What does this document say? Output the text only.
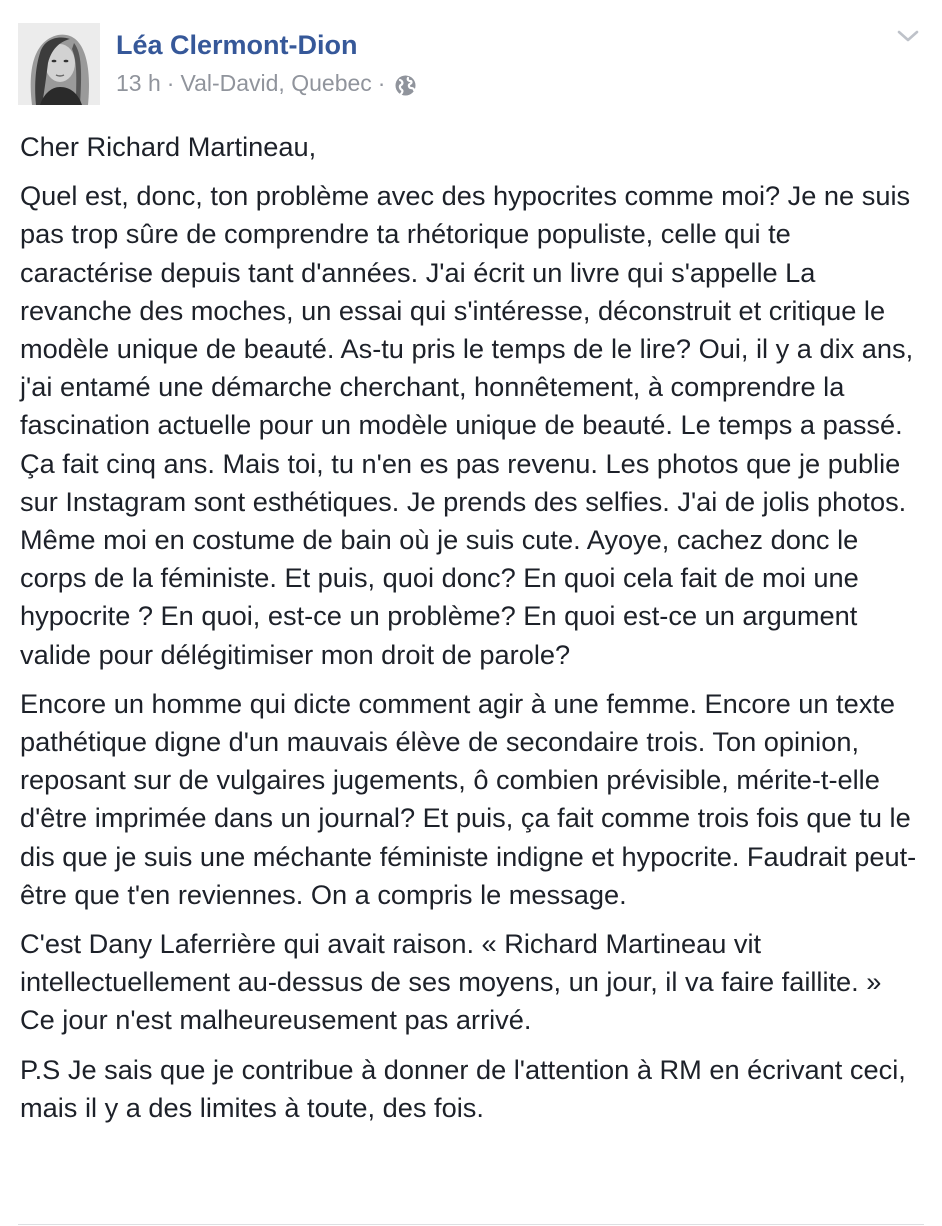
Léa Clermont-Dion
13 h · Val-David, Quebec ·

Cher Richard Martineau,

Quel est, donc, ton problème avec des hypocrites comme moi? Je ne suis pas trop sûre de comprendre ta rhétorique populiste, celle qui te caractérise depuis tant d'années. J'ai écrit un livre qui s'appelle La revanche des moches, un essai qui s'intéresse, déconstruit et critique le modèle unique de beauté. As-tu pris le temps de le lire? Oui, il y a dix ans, j'ai entamé une démarche cherchant, honnêtement, à comprendre la fascination actuelle pour un modèle unique de beauté. Le temps a passé. Ça fait cinq ans. Mais toi, tu n'en es pas revenu. Les photos que je publie sur Instagram sont esthétiques. Je prends des selfies. J'ai de jolis photos. Même moi en costume de bain où je suis cute. Ayoye, cachez donc le corps de la féministe. Et puis, quoi donc? En quoi cela fait de moi une hypocrite ? En quoi, est-ce un problème? En quoi est-ce un argument valide pour délégitimiser mon droit de parole?

Encore un homme qui dicte comment agir à une femme. Encore un texte pathétique digne d'un mauvais élève de secondaire trois. Ton opinion, reposant sur de vulgaires jugements, ô combien prévisible, mérite-t-elle d'être imprimée dans un journal? Et puis, ça fait comme trois fois que tu le dis que je suis une méchante féministe indigne et hypocrite. Faudrait peut-être que t'en reviennes. On a compris le message.

C'est Dany Laferrière qui avait raison. « Richard Martineau vit intellectuellement au-dessus de ses moyens, un jour, il va faire faillite. » Ce jour n'est malheureusement pas arrivé.

P.S Je sais que je contribue à donner de l'attention à RM en écrivant ceci, mais il y a des limites à toute, des fois.
